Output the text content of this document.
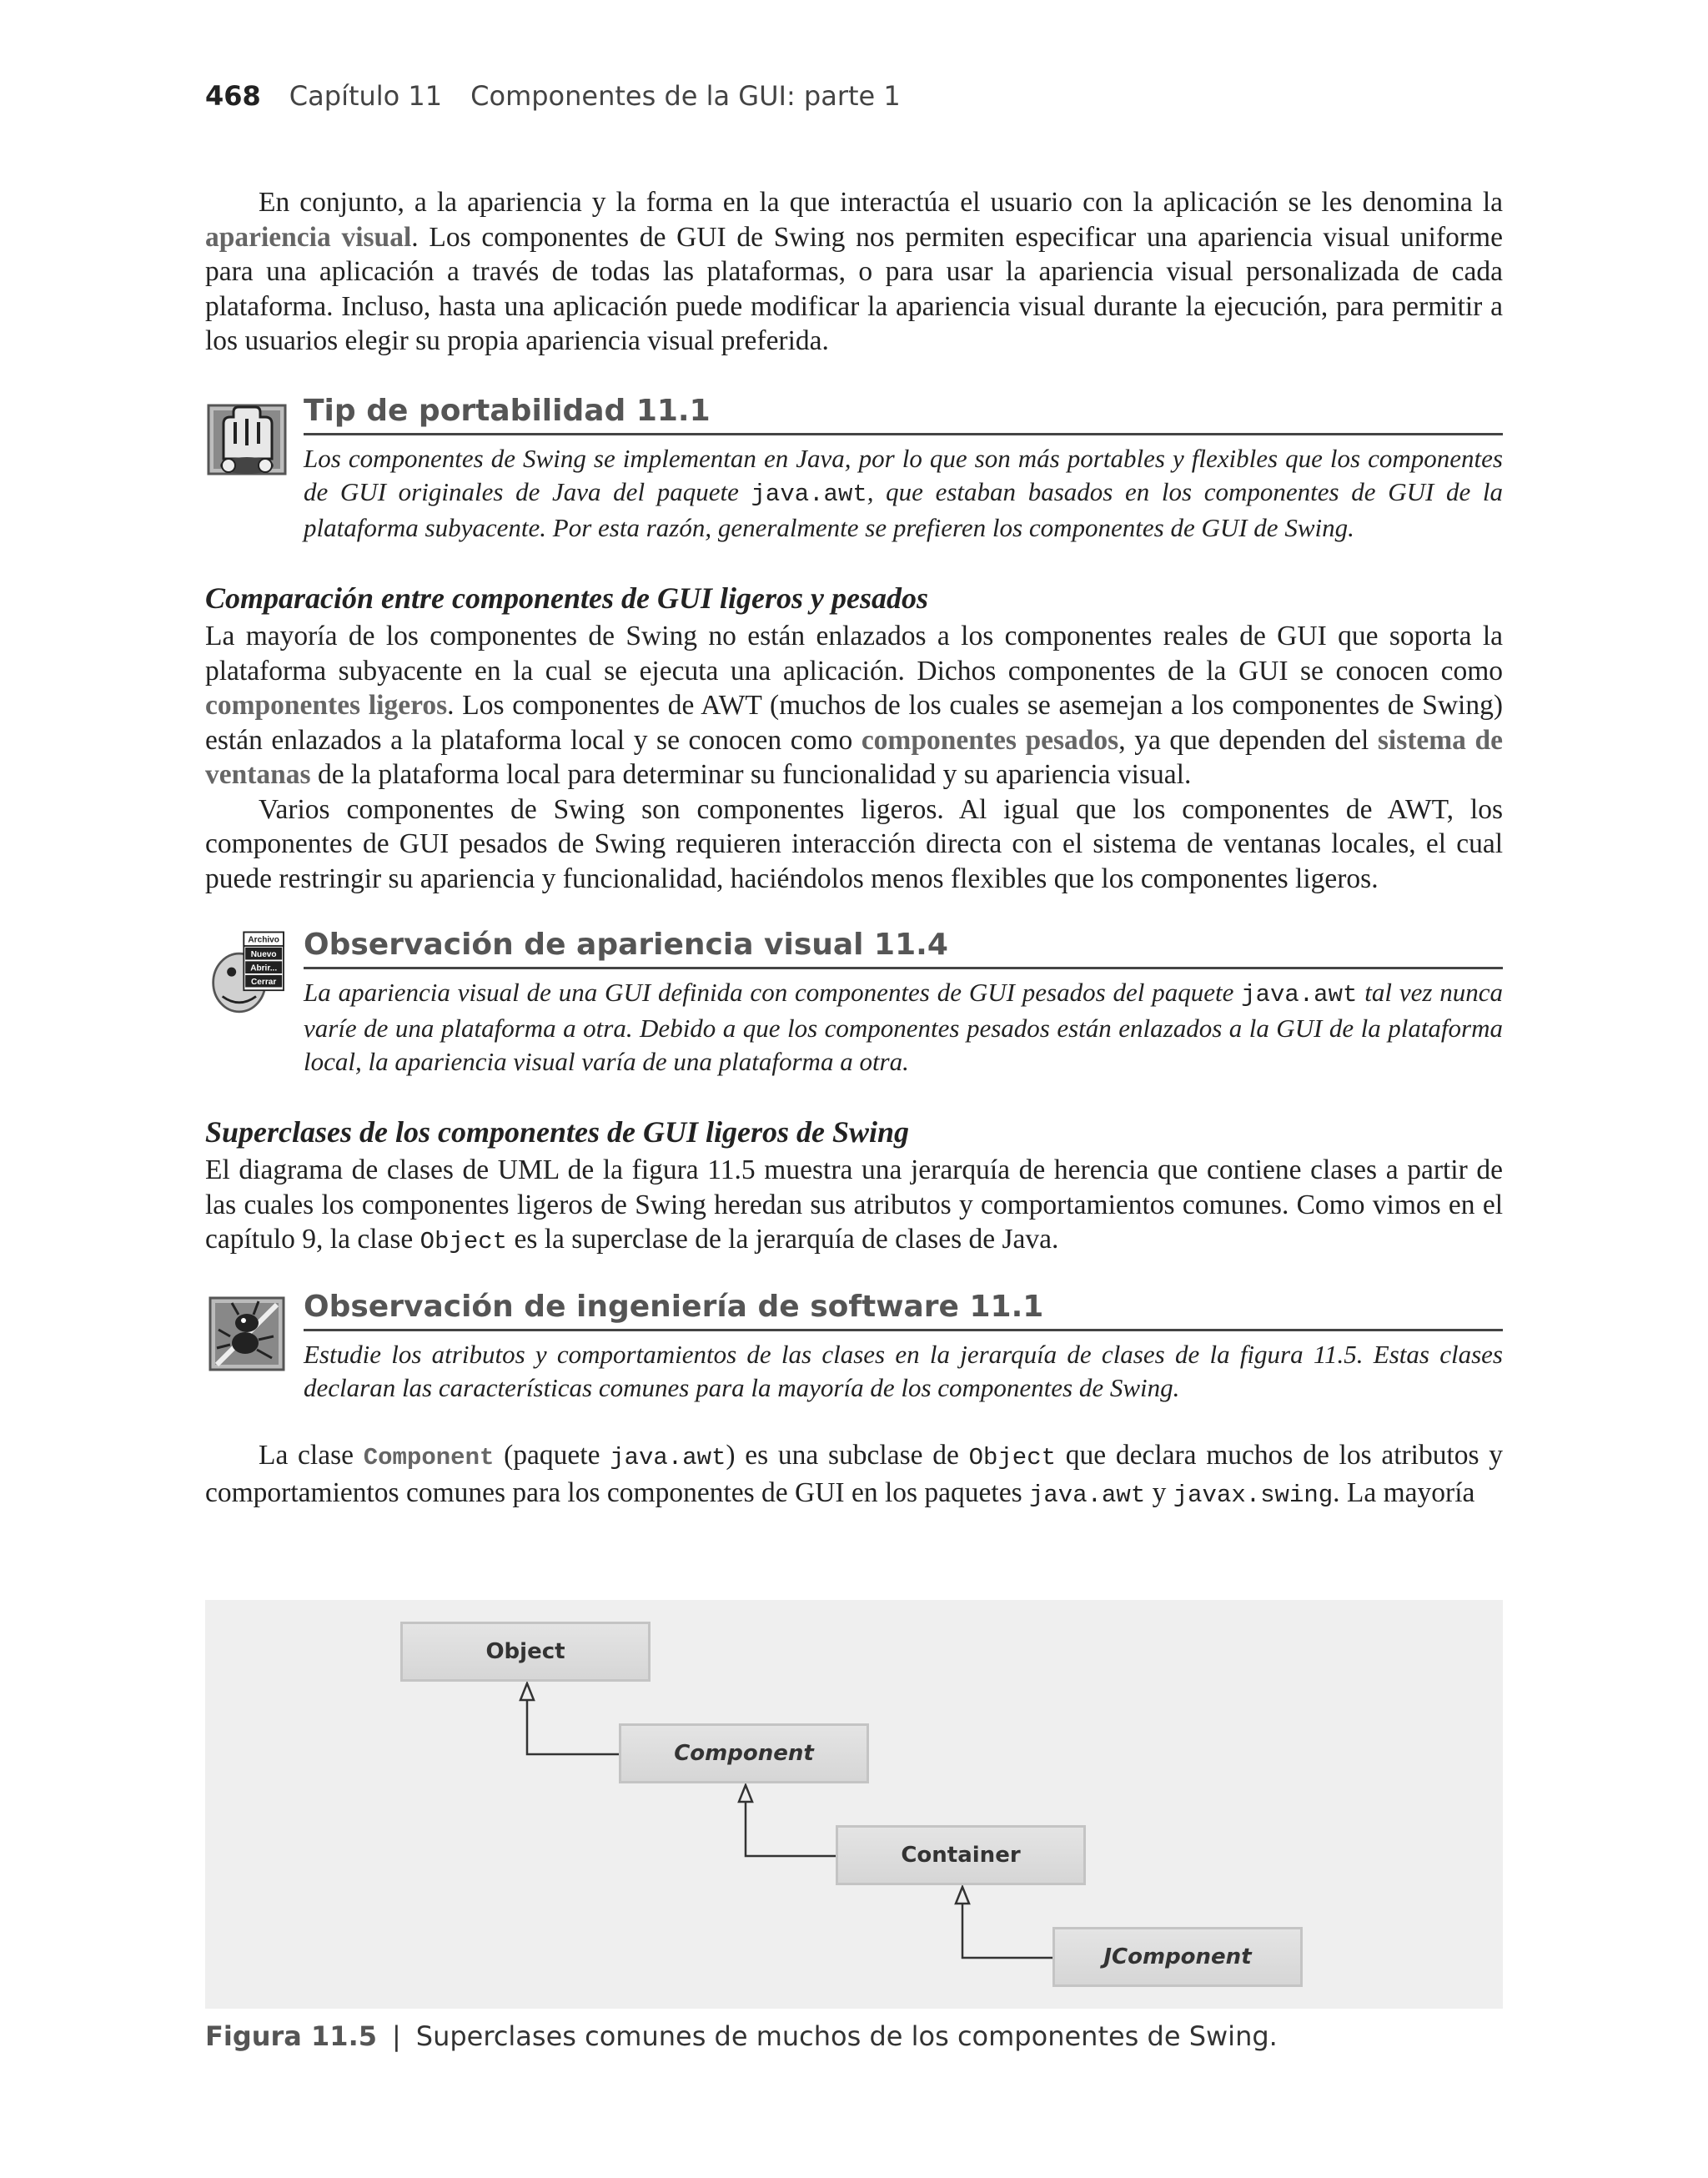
468 Capítulo 11 Componentes de la GUI: parte 1

En conjunto, a la apariencia y la forma en la que interactúa el usuario con la aplicación se les denomina la apariencia visual. Los componentes de GUI de Swing nos permiten especificar una apariencia visual uniforme para una aplicación a través de todas las plataformas, o para usar la apariencia visual personalizada de cada plataforma. Incluso, hasta una aplicación puede modificar la apariencia visual durante la ejecución, para permitir a los usuarios elegir su propia apariencia visual preferida.

Tip de portabilidad 11.1
Los componentes de Swing se implementan en Java, por lo que son más portables y flexibles que los componentes de GUI originales de Java del paquete java.awt, que estaban basados en los componentes de GUI de la plataforma subyacente. Por esta razón, generalmente se prefieren los componentes de GUI de Swing.
Comparación entre componentes de GUI ligeros y pesados

La mayoría de los componentes de Swing no están enlazados a los componentes reales de GUI que soporta la plataforma subyacente en la cual se ejecuta una aplicación. Dichos componentes de la GUI se conocen como componentes ligeros. Los componentes de AWT (muchos de los cuales se asemejan a los componentes de Swing) están enlazados a la plataforma local y se conocen como componentes pesados, ya que dependen del sistema de ventanas de la plataforma local para determinar su funcionalidad y su apariencia visual.

Varios componentes de Swing son componentes ligeros. Al igual que los componentes de AWT, los componentes de GUI pesados de Swing requieren interacción directa con el sistema de ventanas locales, el cual puede restringir su apariencia y funcionalidad, haciéndolos menos flexibles que los componentes ligeros.

Archivo
Nuevo
Abrir...
Cerrar
Observación de apariencia visual 11.4
La apariencia visual de una GUI definida con componentes de GUI pesados del paquete java.awt tal vez nunca varíe de una plataforma a otra. Debido a que los componentes pesados están enlazados a la GUI de la plataforma local, la apariencia visual varía de una plataforma a otra.
Superclases de los componentes de GUI ligeros de Swing

El diagrama de clases de UML de la figura 11.5 muestra una jerarquía de herencia que contiene clases a partir de las cuales los componentes ligeros de Swing heredan sus atributos y comportamientos comunes. Como vimos en el capítulo 9, la clase Object es la superclase de la jerarquía de clases de Java.

Observación de ingeniería de software 11.1
Estudie los atributos y comportamientos de las clases en la jerarquía de clases de la figura 11.5. Estas clases declaran las características comunes para la mayoría de los componentes de Swing.

La clase Component (paquete java.awt) es una subclase de Object que declara muchos de los atributos y comportamientos comunes para los componentes de GUI en los paquetes java.awt y javax.swing. La mayoría

Object
Component
Container
JComponent
Figura 11.5 | Superclases comunes de muchos de los componentes de Swing.
